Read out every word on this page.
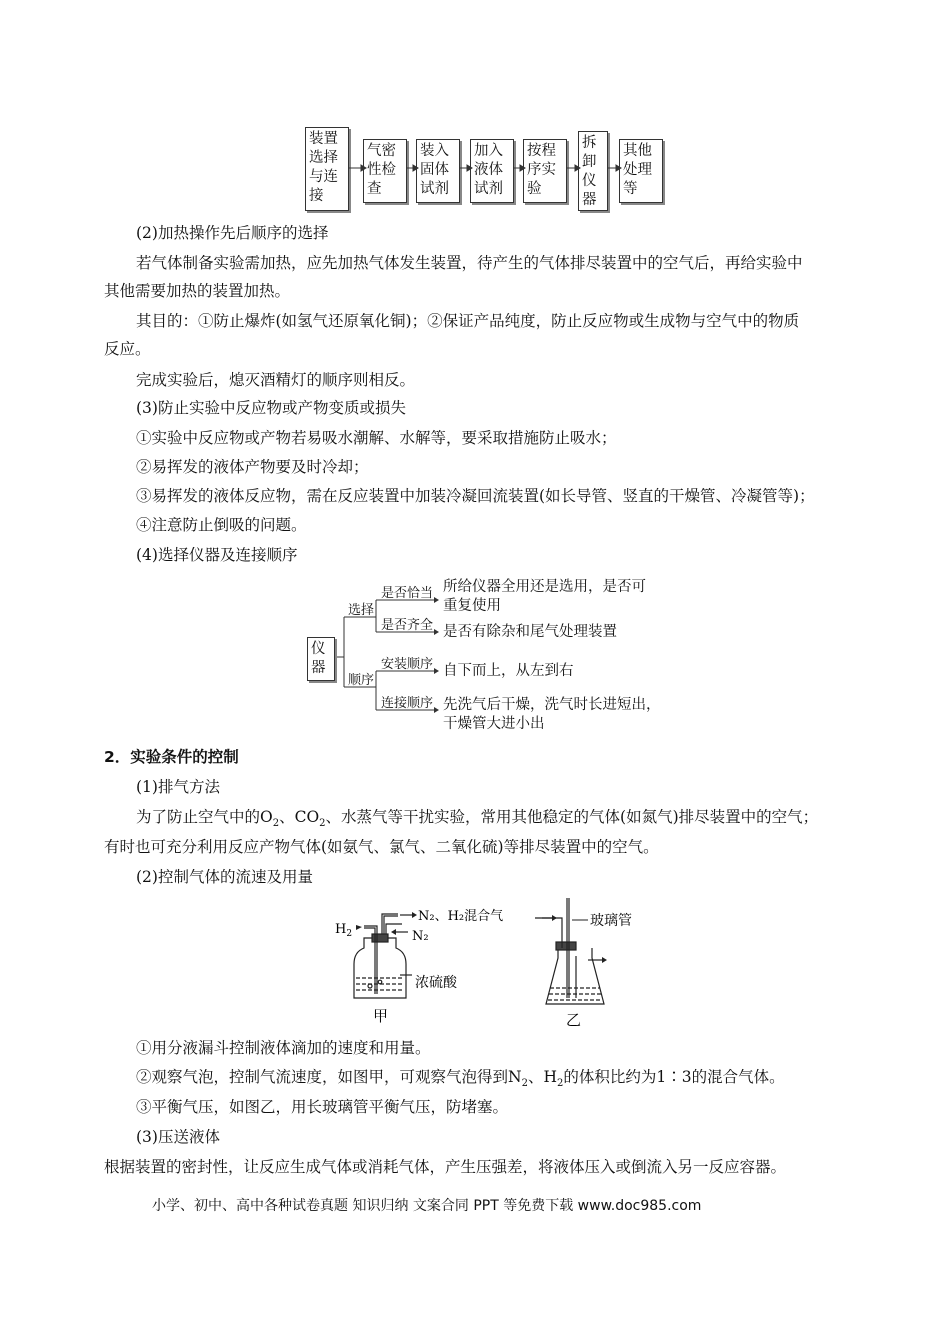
装置选择与连接
气密性检查
装入固体试剂
加入液体试剂
按程序实验
拆卸仪器
其他处理等
(2)加热操作先后顺序的选择
若气体制备实验需加热，应先加热气体发生装置，待产生的气体排尽装置中的空气后，再给实验中
其他需要加热的装置加热。
其目的：①防止爆炸(如氢气还原氧化铜)；②保证产品纯度，防止反应物或生成物与空气中的物质
反应。
完成实验后，熄灭酒精灯的顺序则相反。
(3)防止实验中反应物或产物变质或损失
①实验中反应物或产物若易吸水潮解、水解等，要采取措施防止吸水；
②易挥发的液体产物要及时冷却；
③易挥发的液体反应物，需在反应装置中加装冷凝回流装置(如长导管、竖直的干燥管、冷凝管等)；
④注意防止倒吸的问题。
(4)选择仪器及连接顺序
仪器
选择
顺序
是否恰当
是否齐全
安装顺序
连接顺序
所给仪器全用还是选用，是否可
重复使用
是否有除杂和尾气处理装置
自下而上，从左到右
先洗气后干燥，洗气时长进短出，
干燥管大进小出
2．实验条件的控制
(1)排气方法
为了防止空气中的$O_2$、$CO_2$、水蒸气等干扰实验，常用其他稳定的气体(如氮气)排尽装置中的空气；
有时也可充分利用反应产物气体(如氨气、氯气、二氧化硫)等排尽装置中的空气。
(2)控制气体的流速及用量
$H_2$
N₂、H₂混合气
N₂
浓硫酸
甲
玻璃管
乙
①用分液漏斗控制液体滴加的速度和用量。
②观察气泡，控制气流速度，如图甲，可观察气泡得到$N_2$、$H_2$的体积比约为1∶3的混合气体。
③平衡气压，如图乙，用长玻璃管平衡气压，防堵塞。
(3)压送液体
根据装置的密封性，让反应生成气体或消耗气体，产生压强差，将液体压入或倒流入另一反应容器。
小学、初中、高中各种试卷真题 知识归纳 文案合同 PPT 等免费下载 www.doc985.com
